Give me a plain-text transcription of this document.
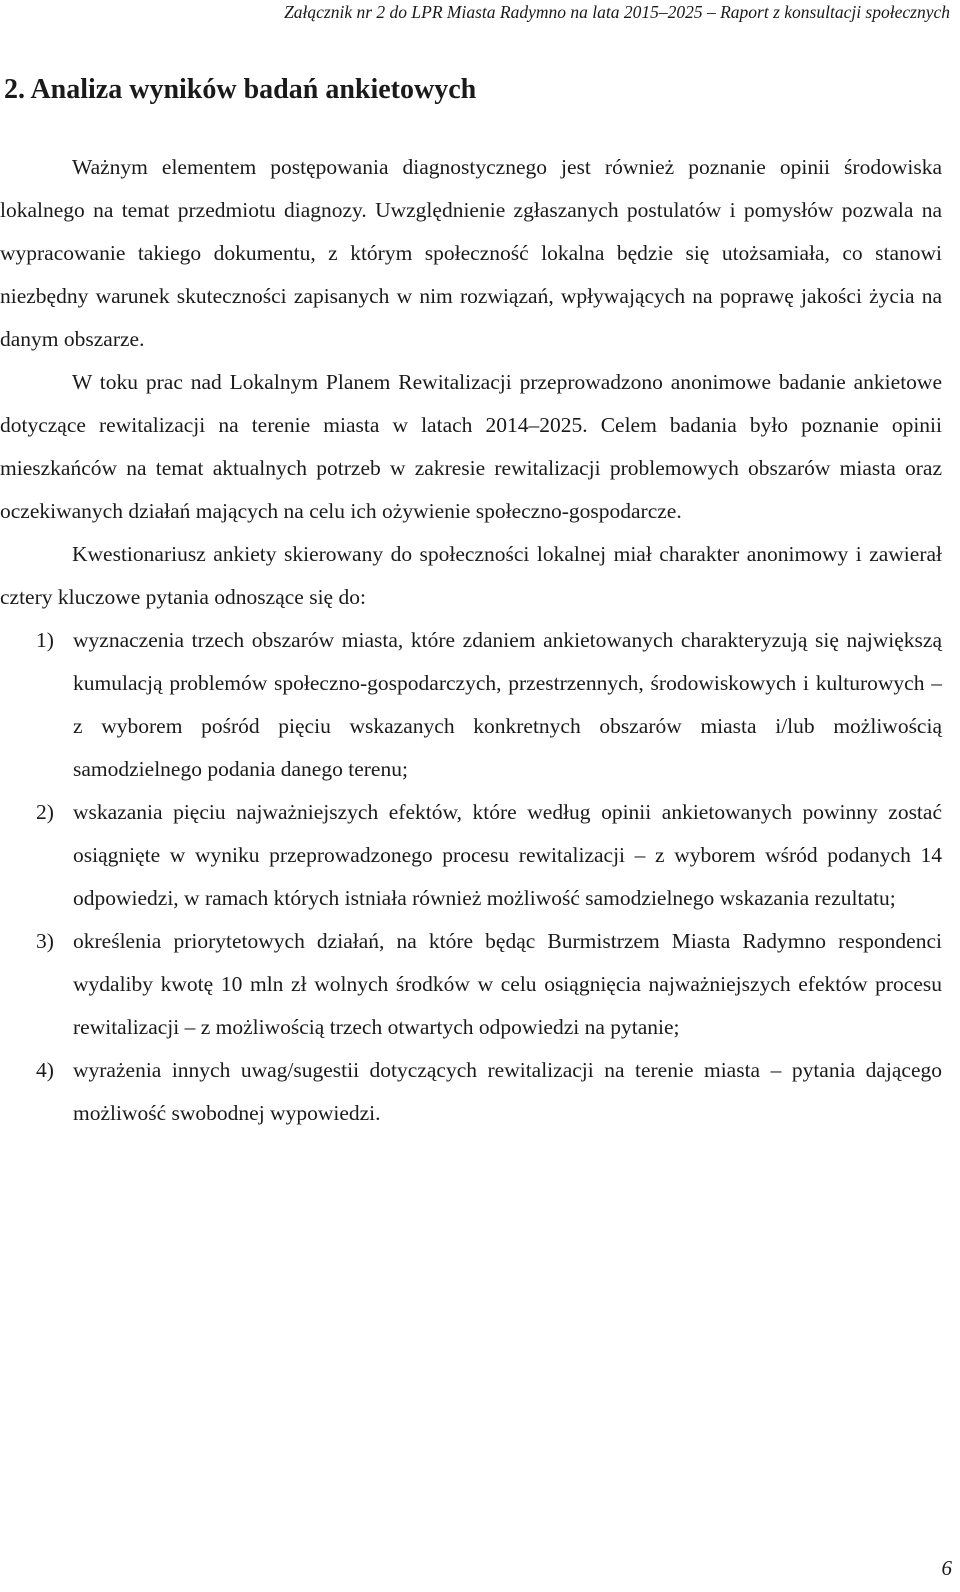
Załącznik nr 2 do LPR Miasta Radymno na lata 2015–2025 – Raport z konsultacji społecznych
2. Analiza wyników badań ankietowych

Ważnym elementem postępowania diagnostycznego jest również poznanie opinii środowiska lokalnego na temat przedmiotu diagnozy. Uwzględnienie zgłaszanych postulatów i pomysłów pozwala na wypracowanie takiego dokumentu, z którym społeczność lokalna będzie się utożsamiała, co stanowi niezbędny warunek skuteczności zapisanych w nim rozwiązań, wpływających na poprawę jakości życia na danym obszarze.

W toku prac nad Lokalnym Planem Rewitalizacji przeprowadzono anonimowe badanie ankietowe dotyczące rewitalizacji na terenie miasta w latach 2014–2025. Celem badania było poznanie opinii mieszkańców na temat aktualnych potrzeb w zakresie rewitalizacji problemowych obszarów miasta oraz oczekiwanych działań mających na celu ich ożywienie społeczno-gospodarcze.

Kwestionariusz ankiety skierowany do społeczności lokalnej miał charakter anonimowy i zawierał cztery kluczowe pytania odnoszące się do:

1) wyznaczenia trzech obszarów miasta, które zdaniem ankietowanych charakteryzują się największą kumulacją problemów społeczno-gospodarczych, przestrzennych, środowiskowych i kulturowych – z wyborem pośród pięciu wskazanych konkretnych obszarów miasta i/lub możliwością samodzielnego podania danego terenu;
2) wskazania pięciu najważniejszych efektów, które według opinii ankietowanych powinny zostać osiągnięte w wyniku przeprowadzonego procesu rewitalizacji – z wyborem wśród podanych 14 odpowiedzi, w ramach których istniała również możliwość samodzielnego wskazania rezultatu;
3) określenia priorytetowych działań, na które będąc Burmistrzem Miasta Radymno respondenci wydaliby kwotę 10 mln zł wolnych środków w celu osiągnięcia najważniejszych efektów procesu rewitalizacji – z możliwością trzech otwartych odpowiedzi na pytanie;
4) wyrażenia innych uwag/sugestii dotyczących rewitalizacji na terenie miasta – pytania dającego możliwość swobodnej wypowiedzi.
6
